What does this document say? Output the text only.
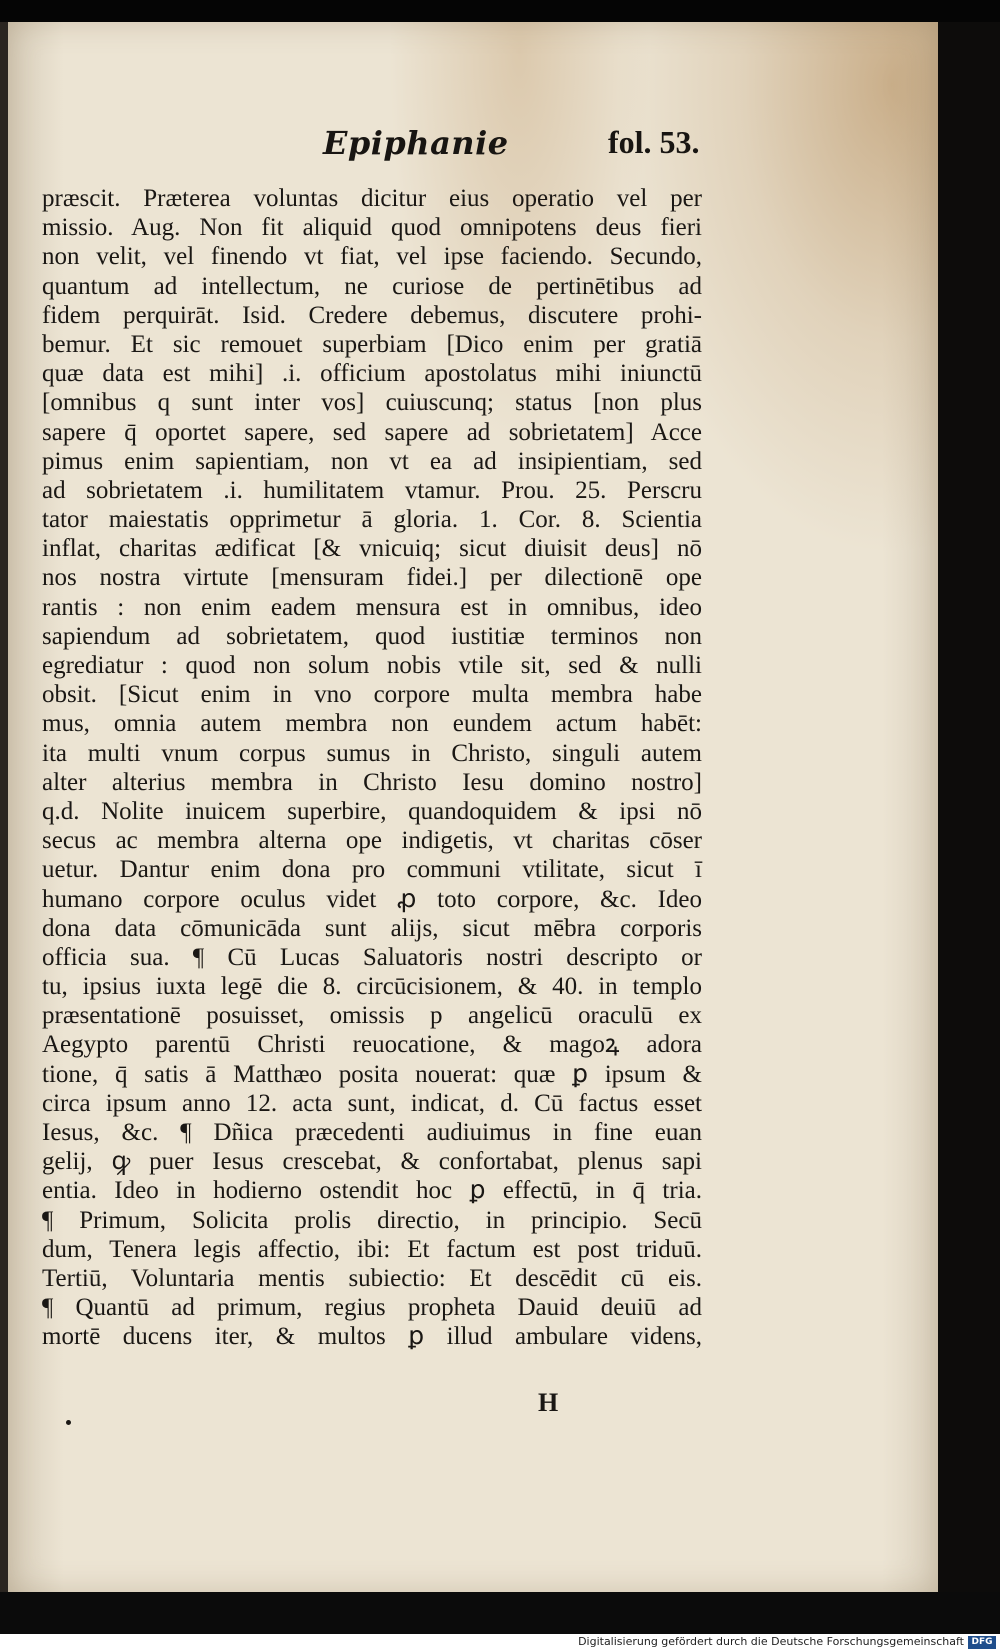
Epiphanie	fol. 53.
præscit. Præterea voluntas dicitur eius operatio vel per
missio. Aug. Non fit aliquid quod omnipotens deus fieri
non velit, vel finendo vt fiat, vel ipse faciendo. Secundo,
quantum ad intellectum, ne curiose de pertinētibus ad
fidem perquirāt. Isid. Credere debemus, discutere prohi-
bemur. Et sic remouet superbiam [Dico enim per gratiā
quæ data est mihi] .i. officium apostolatus mihi iniunctū
[omnibus q sunt inter vos] cuiuscunq; status [non plus
sapere q̄ oportet sapere, sed sapere ad sobrietatem] Acce
pimus enim sapientiam, non vt ea ad insipientiam, sed
ad sobrietatem .i. humilitatem vtamur. Prou. 25. Perscru
tator maiestatis opprimetur ā gloria. 1. Cor. 8. Scientia
inflat, charitas ædificat [& vnicuiq; sicut diuisit deus] nō
nos nostra virtute [mensuram fidei.] per dilectionē ope
rantis : non enim eadem mensura est in omnibus, ideo
sapiendum ad sobrietatem, quod iustitiæ terminos non
egrediatur : quod non solum nobis vtile sit, sed & nulli
obsit. [Sicut enim in vno corpore multa membra habe
mus, omnia autem membra non eundem actum habēt:
ita multi vnum corpus sumus in Christo, singuli autem
alter alterius membra in Christo Iesu domino nostro]
q.d. Nolite inuicem superbire, quandoquidem & ipsi nō
secus ac membra alterna ope indigetis, vt charitas cōser
uetur. Dantur enim dona pro communi vtilitate, sicut ī
humano corpore oculus videt ꝓ toto corpore, &c. Ideo
dona data cōmunicāda sunt alijs, sicut mēbra corporis
officia sua. ¶ Cū Lucas Saluatoris nostri descripto or
tu, ipsius iuxta legē die 8. circūcisionem, & 40. in templo
præsentationē posuisset, omissis p angelicū oraculū ex
Aegypto parentū Christi reuocatione, & magoꝝ adora
tione, q̄ satis ā Matthæo posita nouerat: quæ ꝑ ipsum &
circa ipsum anno 12. acta sunt, indicat, d. Cū factus esset
Iesus, &c. ¶ Dñica præcedenti audiuimus in fine euan
gelij, ꝙ puer Iesus crescebat, & confortabat, plenus sapi
entia. Ideo in hodierno ostendit hoc ꝑ effectū, in q̄ tria.
¶ Primum, Solicita prolis directio, in principio. Secū
dum, Tenera legis affectio, ibi: Et factum est post triduū.
Tertiū, Voluntaria mentis subiectio: Et descēdit cū eis.
¶ Quantū ad primum, regius propheta Dauid deuiū ad
mortē ducens iter, & multos ꝑ illud ambulare videns,
H
Digitalisierung gefördert durch die Deutsche Forschungsgemeinschaft DFG
